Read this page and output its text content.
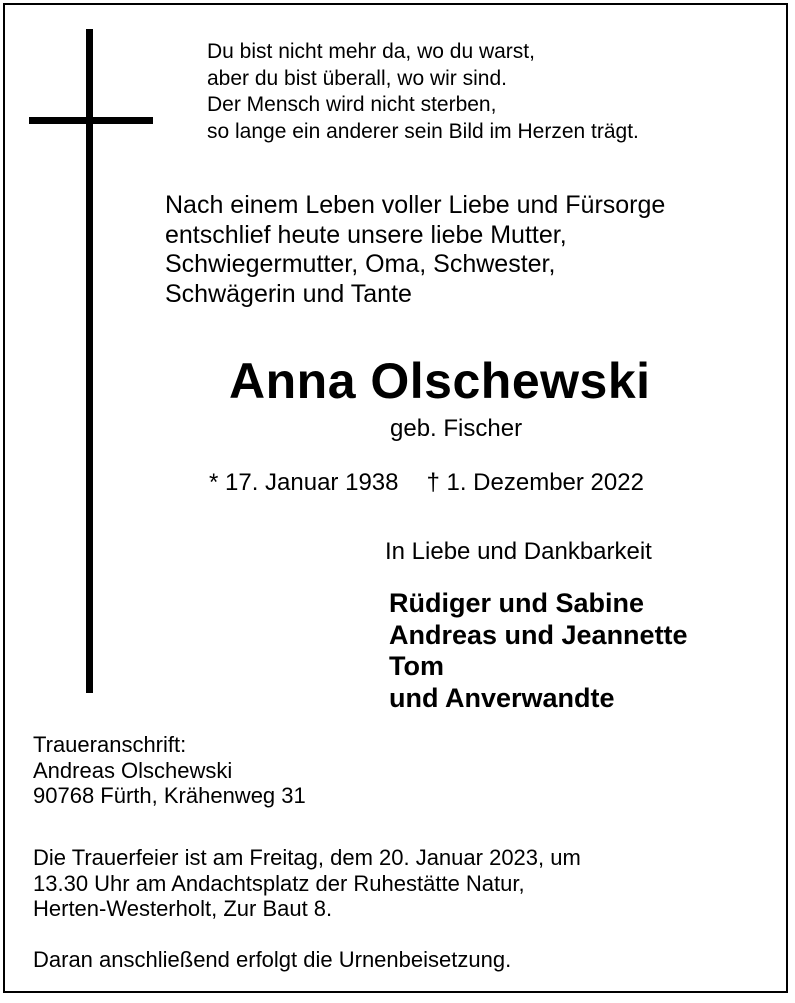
Du bist nicht mehr da, wo du warst,
aber du bist überall, wo wir sind.
Der Mensch wird nicht sterben,
so lange ein anderer sein Bild im Herzen trägt.
Nach einem Leben voller Liebe und Fürsorge
entschlief heute unsere liebe Mutter,
Schwiegermutter, Oma, Schwester,
Schwägerin und Tante
Anna Olschewski
geb. Fischer
* 17. Januar 1938 † 1. Dezember 2022
In Liebe und Dankbarkeit
Rüdiger und Sabine
Andreas und Jeannette
Tom
und Anverwandte
Traueranschrift:
Andreas Olschewski
90768 Fürth, Krähenweg 31
Die Trauerfeier ist am Freitag, dem 20. Januar 2023, um
13.30 Uhr am Andachtsplatz der Ruhestätte Natur,
Herten-Westerholt, Zur Baut 8.
Daran anschließend erfolgt die Urnenbeisetzung.
